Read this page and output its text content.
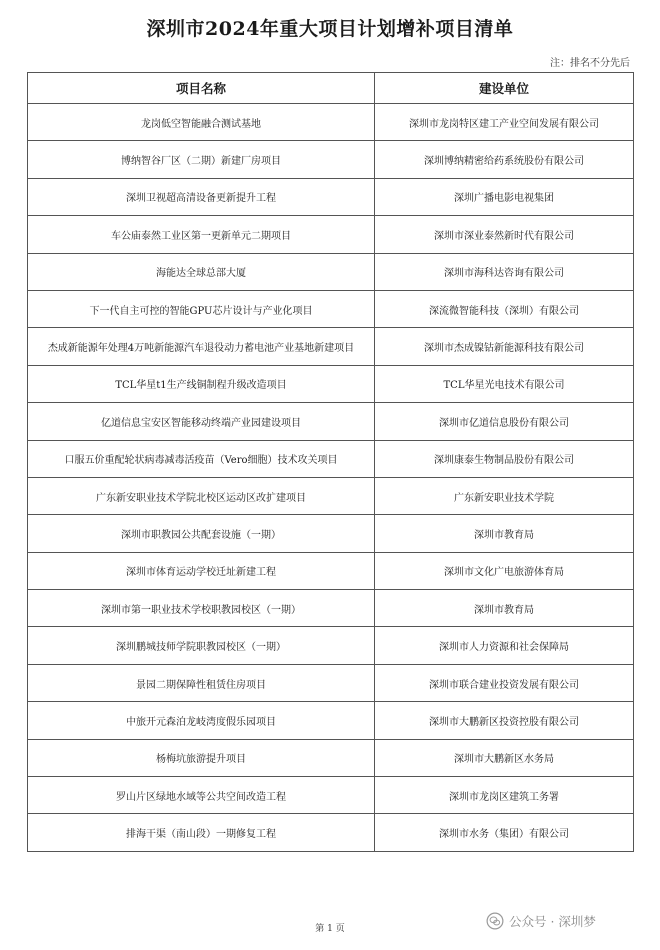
深圳市2024年重大项目计划增补项目清单
注：排名不分先后
项目名称	建设单位
龙岗低空智能融合测试基地	深圳市龙岗特区建工产业空间发展有限公司
博纳智谷厂区（二期）新建厂房项目	深圳博纳精密给药系统股份有限公司
深圳卫视超高清设备更新提升工程	深圳广播电影电视集团
车公庙泰然工业区第一更新单元二期项目	深圳市深业泰然新时代有限公司
海能达全球总部大厦	深圳市海科达咨询有限公司
下一代自主可控的智能GPU芯片设计与产业化项目	深流微智能科技（深圳）有限公司
杰成新能源年处理4万吨新能源汽车退役动力蓄电池产业基地新建项目	深圳市杰成镍钴新能源科技有限公司
TCL华星t1生产线铜制程升级改造项目	TCL华星光电技术有限公司
亿道信息宝安区智能移动终端产业园建设项目	深圳市亿道信息股份有限公司
口服五价重配轮状病毒减毒活疫苗（Vero细胞）技术攻关项目	深圳康泰生物制品股份有限公司
广东新安职业技术学院北校区运动区改扩建项目	广东新安职业技术学院
深圳市职教园公共配套设施（一期）	深圳市教育局
深圳市体育运动学校迁址新建工程	深圳市文化广电旅游体育局
深圳市第一职业技术学校职教园校区（一期）	深圳市教育局
深圳鹏城技师学院职教园校区（一期）	深圳市人力资源和社会保障局
景园二期保障性租赁住房项目	深圳市联合建业投资发展有限公司
中旅开元森泊龙岐湾度假乐园项目	深圳市大鹏新区投资控股有限公司
杨梅坑旅游提升项目	深圳市大鹏新区水务局
罗山片区绿地水域等公共空间改造工程	深圳市龙岗区建筑工务署
排海干渠（南山段）一期修复工程	深圳市水务（集团）有限公司
第 1 页	公众号 · 深圳梦
